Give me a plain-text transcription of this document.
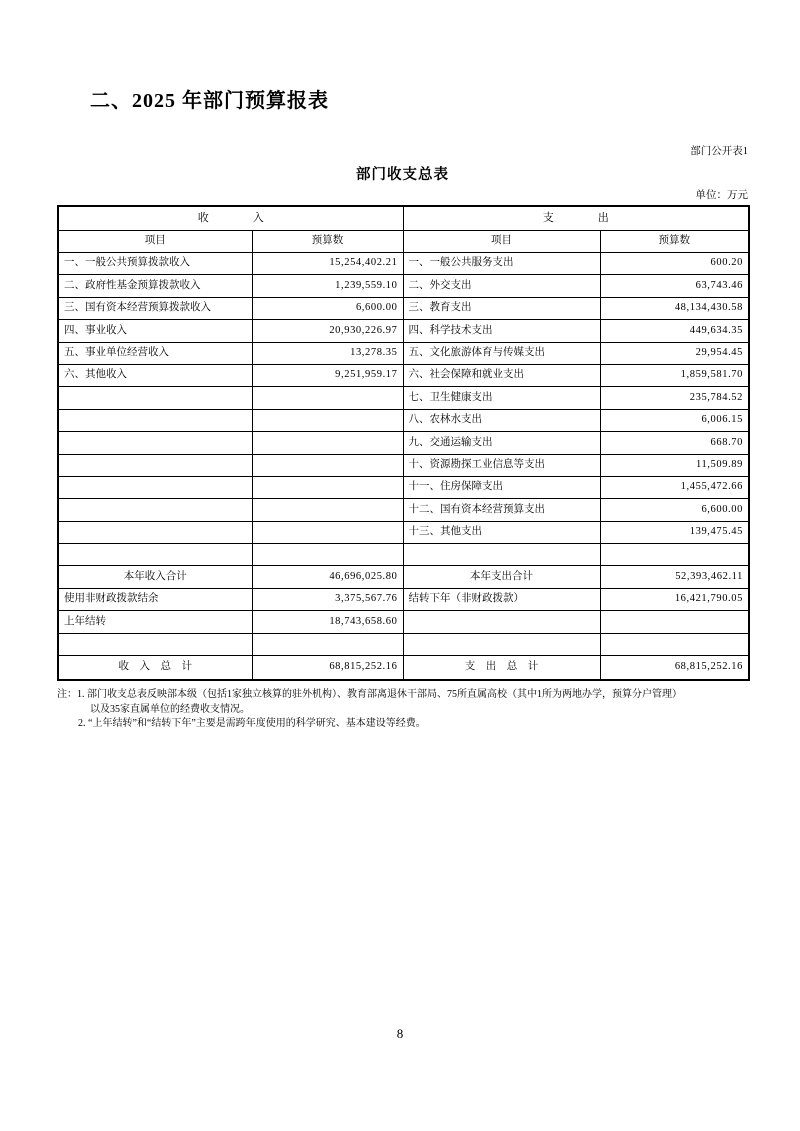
二、2025 年部门预算报表
部门公开表1
部门收支总表
单位：万元
收　　　　入		支　　　　出	
项目	预算数	项目	预算数
一、一般公共预算拨款收入	15,254,402.21	一、一般公共服务支出	600.20
二、政府性基金预算拨款收入	1,239,559.10	二、外交支出	63,743.46
三、国有资本经营预算拨款收入	6,600.00	三、教育支出	48,134,430.58
四、事业收入	20,930,226.97	四、科学技术支出	449,634.35
五、事业单位经营收入	13,278.35	五、文化旅游体育与传媒支出	29,954.45
六、其他收入	9,251,959.17	六、社会保障和就业支出	1,859,581.70
		七、卫生健康支出	235,784.52
		八、农林水支出	6,006.15
		九、交通运输支出	668.70
		十、资源勘探工业信息等支出	11,509.89
		十一、住房保障支出	1,455,472.66
		十二、国有资本经营预算支出	6,600.00
		十三、其他支出	139,475.45

本年收入合计	46,696,025.80	本年支出合计	52,393,462.11
使用非财政拨款结余	3,375,567.76	结转下年（非财政拨款）	16,421,790.05
上年结转	18,743,658.60		

收　入　总　计	68,815,252.16	支　出　总　计	68,815,252.16
注：1. 部门收支总表反映部本级（包括1家独立核算的驻外机构）、教育部离退休干部局、75所直属高校（其中1所为两地办学，预算分户管理）
以及35家直属单位的经费收支情况。
2. “上年结转”和“结转下年”主要是需跨年度使用的科学研究、基本建设等经费。
8
